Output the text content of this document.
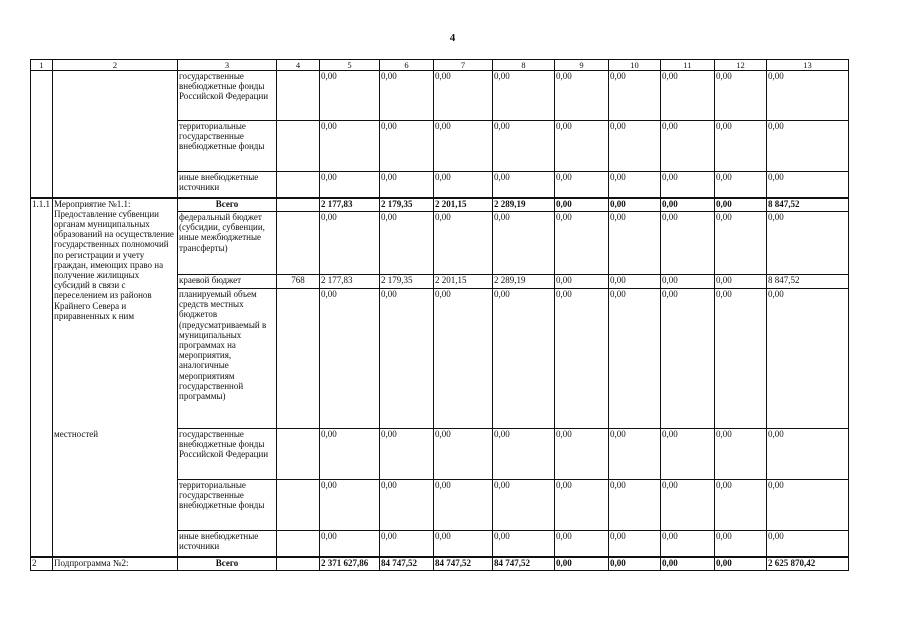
4
1	2	3	4	5	6	7	8	9	10	11	12	13
		государственные внебюджетные фонды Российской Федерации		0,00	0,00	0,00	0,00	0,00	0,00	0,00	0,00	0,00
		территориальные государственные внебюджетные фонды		0,00	0,00	0,00	0,00	0,00	0,00	0,00	0,00	0,00
		иные внебюджетные источники		0,00	0,00	0,00	0,00	0,00	0,00	0,00	0,00	0,00
1.1.1	Мероприятие №1.1: Предоставление субвенции органам муниципальных образований на осуществление государственных полномочий по регистрации и учету граждан, имеющих право на получение жилищных субсидий в связи с переселением из районов Крайнего Севера и приравненных к ним	Всего		2 177,83	2 179,35	2 201,15	2 289,19	0,00	0,00	0,00	0,00	8 847,52
		федеральный бюджет (субсидии, субвенции, иные межбюджетные трансферты)		0,00	0,00	0,00	0,00	0,00	0,00	0,00	0,00	0,00
		краевой бюджет	768	2 177,83	2 179,35	2 201,15	2 289,19	0,00	0,00	0,00	0,00	8 847,52
		планируемый объем средств местных бюджетов (предусматриваемый в муниципальных программах на мероприятия, аналогичные мероприятиям государственной программы)		0,00	0,00	0,00	0,00	0,00	0,00	0,00	0,00	0,00
	местностей	государственные внебюджетные фонды Российской Федерации		0,00	0,00	0,00	0,00	0,00	0,00	0,00	0,00	0,00
		территориальные государственные внебюджетные фонды		0,00	0,00	0,00	0,00	0,00	0,00	0,00	0,00	0,00
		иные внебюджетные источники		0,00	0,00	0,00	0,00	0,00	0,00	0,00	0,00	0,00
2	Подпрограмма №2:	Всего		2 371 627,86	84 747,52	84 747,52	84 747,52	0,00	0,00	0,00	0,00	2 625 870,42
